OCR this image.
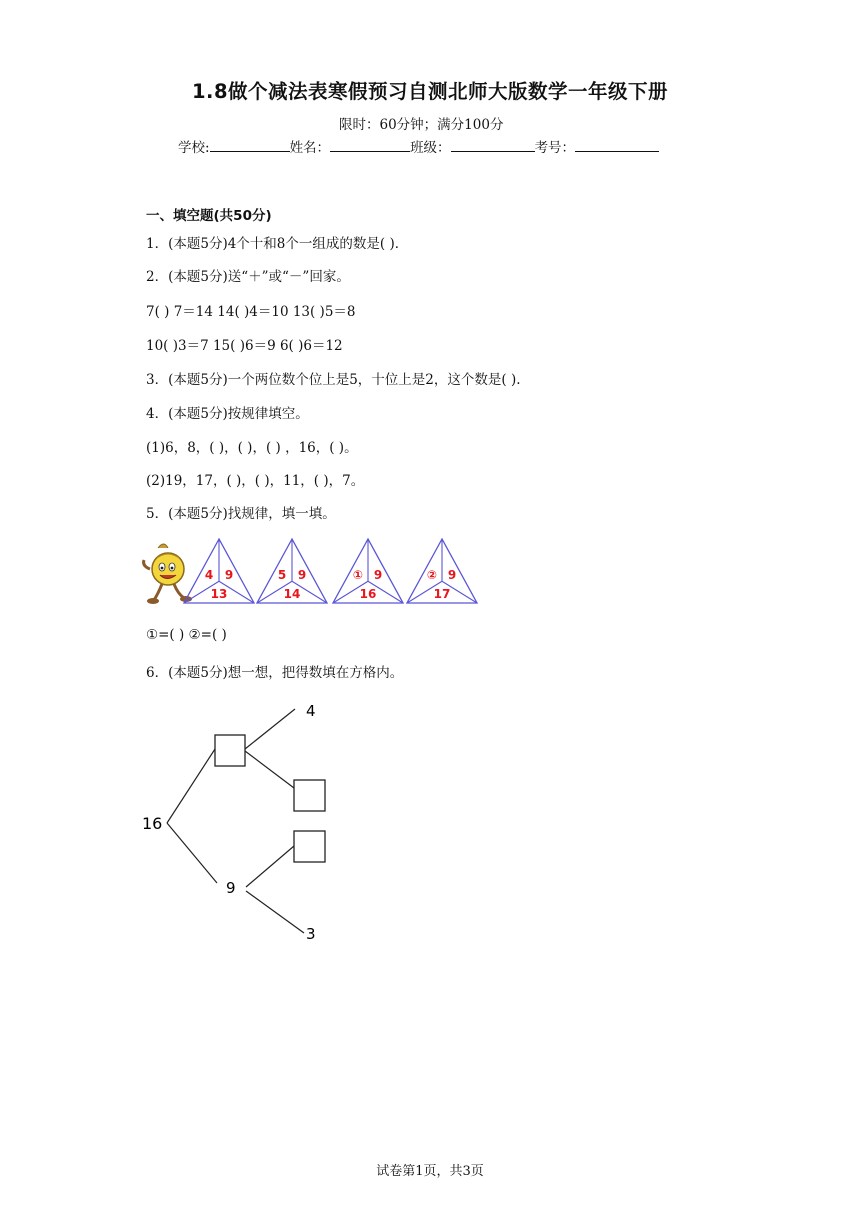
1.8做个减法表寒假预习自测北师大版数学一年级下册
限时：60分钟；满分100分
学校:	姓名：	班级：	考号：
一、填空题(共50分)
1．(本题5分)4个十和8个一组成的数是( )．
2．(本题5分)送“＋”或“－”回家。
7( ) 7＝14 14( )4＝10 13( )5＝8
10( )3＝7 15( )6＝9 6( )6＝12
3．(本题5分)一个两位数个位上是5，十位上是2，这个数是( ).
4．(本题5分)按规律填空。
(1)6，8，( )，( )，( ) ，16，( )。
(2)19，17，( )，( )，11，( )，7。
5．(本题5分)找规律，填一填。
4 9
13
5 9
14
① 9
16
② 9
17
①=( ) ②=( )
6．(本题5分)想一想，把得数填在方格内。
16
4
9
3
试卷第1页，共3页
